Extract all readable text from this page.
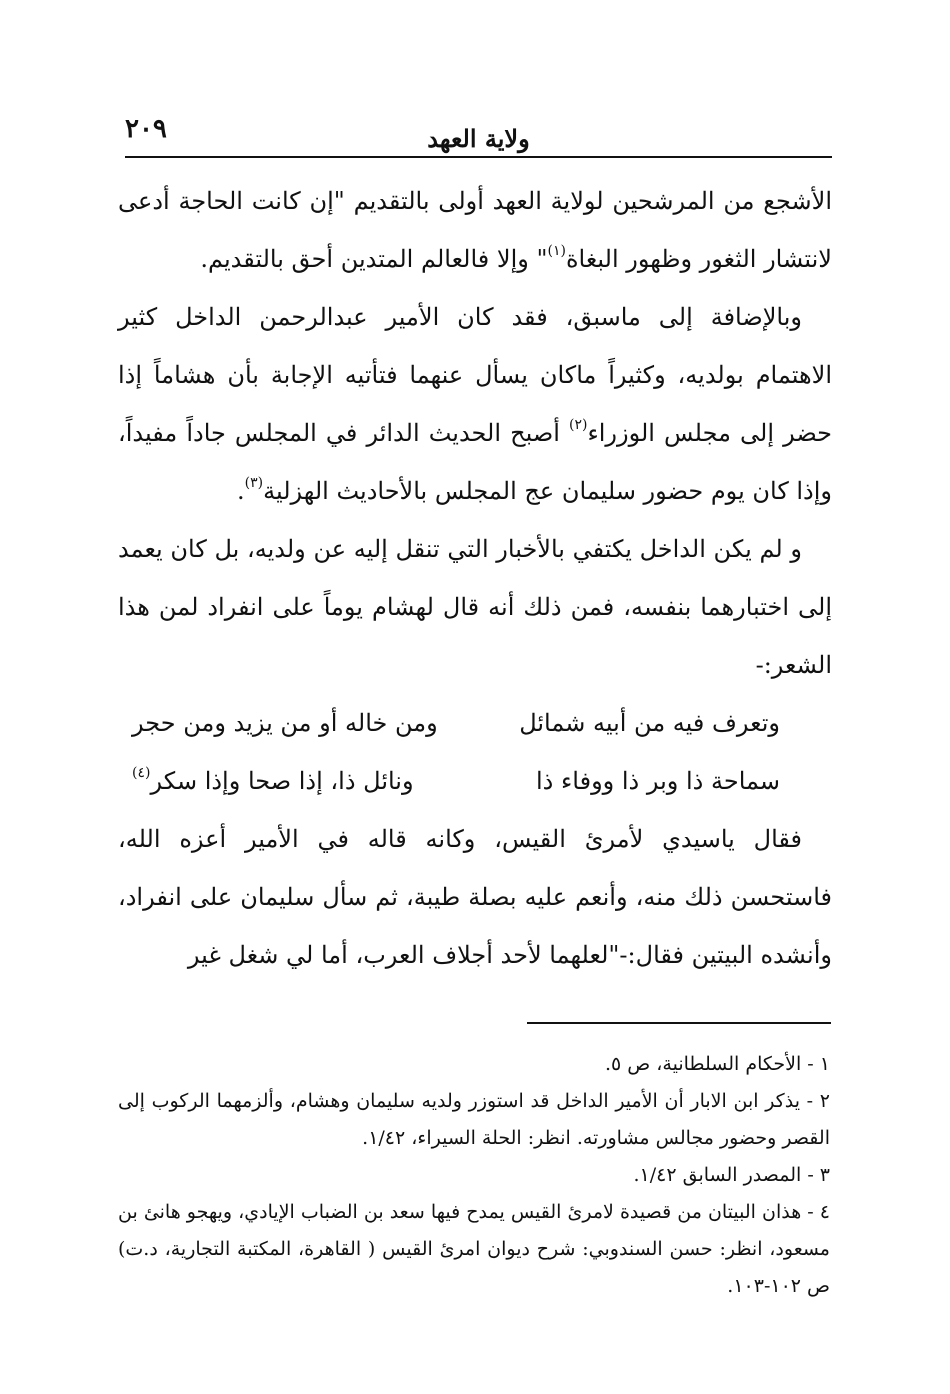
٢٠٩	ولاية العهد

الأشجع من المرشحين لولاية العهد أولى بالتقديم "إن كانت الحاجة أدعى لانتشار الثغور وظهور البغاة$^{(١)}$" وإلا فالعالم المتدين أحق بالتقديم.

وبالإضافة إلى ماسبق، فقد كان الأمير عبدالرحمن الداخل كثير الاهتمام بولديه، وكثيراً ماكان يسأل عنهما فتأتيه الإجابة بأن هشاماً إذا حضر إلى مجلس الوزراء$^{(٢)}$ أصبح الحديث الدائر في المجلس جاداً مفيداً، وإذا كان يوم حضور سليمان عج المجلس بالأحاديث الهزلية$^{(٣)}$.

و لم يكن الداخل يكتفي بالأخبار التي تنقل إليه عن ولديه، بل كان يعمد إلى اختبارهما بنفسه، فمن ذلك أنه قال لهشام يوماً على انفراد لمن هذا الشعر:-

وتعرف فيه من أبيه شمائل
ومن خاله أو من يزيد ومن حجر
سماحة ذا وبر ذا ووفاء ذا
ونائل ذا، إذا صحا وإذا سكر$^{(٤)}$

فقال ياسيدي لأمرئ القيس، وكانه قاله في الأمير أعزه الله، فاستحسن ذلك منه، وأنعم عليه بصلة طيبة، ثم سأل سليمان على انفراد، وأنشده البيتين فقال:-"لعلهما لأحد أجلاف العرب، أما لي شغل غير

١ - الأحكام السلطانية، ص ٥.

٢ - يذكر ابن الابار أن الأمير الداخل قد استوزر ولديه سليمان وهشام، وألزمهما الركوب إلى القصر وحضور مجالس مشاورته. انظر: الحلة السيراء، ١/٤٢.

٣ - المصدر السابق ١/٤٢.

٤ - هذان البيتان من قصيدة لامرئ القيس يمدح فيها سعد بن الضباب الإيادي، ويهجو هانئ بن مسعود، انظر: حسن السندوبي: شرح ديوان امرئ القيس ( القاهرة، المكتبة التجارية، د.ت) ص ١٠٢-١٠٣.
